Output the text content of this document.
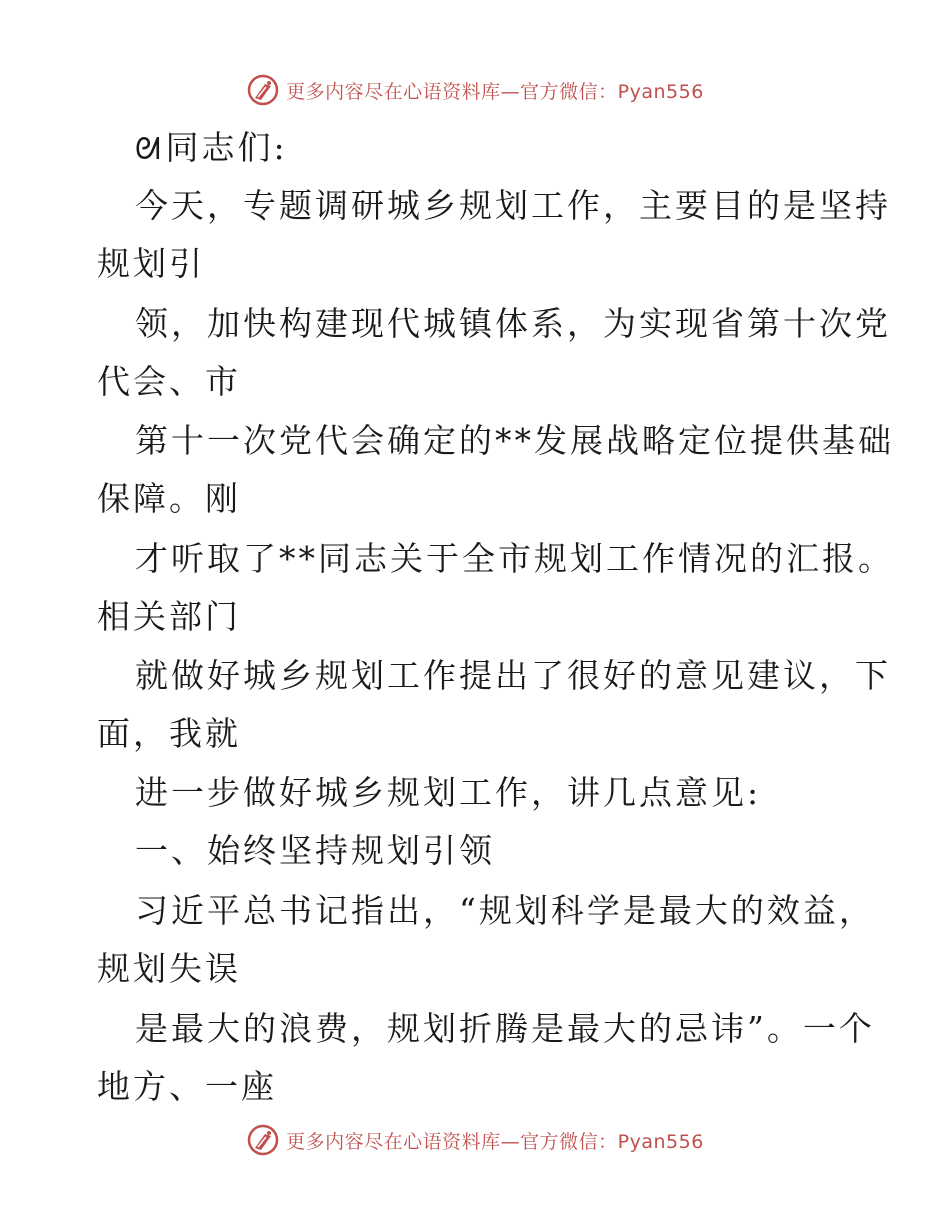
更多内容尽在心语资料库—官方微信：Pyan556
ᘛ同志们:
今天，专题调研城乡规划工作，主要目的是坚持
规划引
领，加快构建现代城镇体系，为实现省第十次党
代会、市
第十一次党代会确定的**发展战略定位提供基础
保障。刚
才听取了**同志关于全市规划工作情况的汇报。
相关部门
就做好城乡规划工作提出了很好的意见建议，下
面，我就
进一步做好城乡规划工作，讲几点意见:
一、始终坚持规划引领
习近平总书记指出，“规划科学是最大的效益，
规划失误
是最大的浪费，规划折腾是最大的忌讳”。一个
地方、一座
更多内容尽在心语资料库—官方微信：Pyan556
